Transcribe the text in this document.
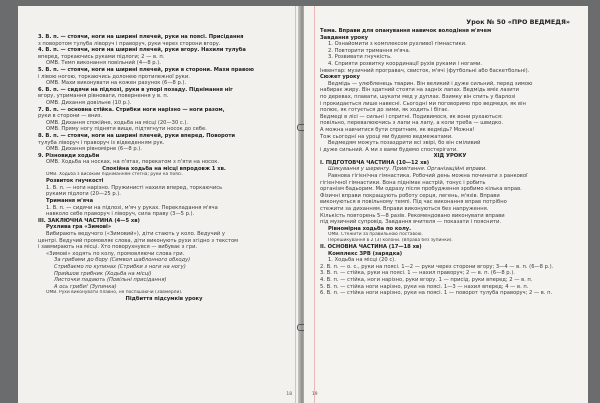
3. В. п. — стоячи, ноги на ширині плечей, руки на поясі. Присідання
з поворотом тулуба ліворуч і праворуч, руки через сторони вгору.
4. В. п. — стоячи, ноги на ширині плечей, руки вгору. Нахили тулуба
вперед, торкаючись руками підлоги; 2 — в. п.
ОМВ. Темп виконання повільний (4—8 р.).
5. В. п. — стоячи, ноги на ширині плечей, руки в сторони. Махи правою
і лівою ногою, торкаючись долонею протилежної руки.
ОМВ. Махи виконувати на кожен рахунок (6—8 р.).
6. В. п. — сидячи на підлозі, руки в упорі позаду. Піднімання ніг
вгору, утримання рівноваги, повернення у в. п.
ОМВ. Дихання довільне (10 р.).
7. В. п. — основна стійка. Стрибки ноги нарізно — ноги разом,
руки в сторони — вниз.
ОМВ. Дихання спокійне, ходьба на місці (20—30 с.).
ОМВ. Пряму ногу підняти вище, підтягнути носок до себе.
8. В. п. — стоячи, ноги на ширині плечей, руки вперед. Повороти
тулуба ліворуч і праворуч із відведенням рук.
ОМВ. Дихання рівномірне (6—8 р.).
9. Різновиди ходьби
ОМВ. Ходьба на носках, на п'ятах, перекатом з п'яти на носок.
Спокійна ходьба на місці впродовж 1 хв.
ОМВ. Ходьба з високим підніманням стегна; руки на поясі.
Розвиток гнучкості
1. В. п. — ноги нарізно. Пружинисті нахили вперед, торкаючись
руками підлоги (20—25 р.).
Тримання м'яча
1. В. п. — сидячи на підлозі, м'яч у руках. Перекладання м'яча
навколо себе праворуч і ліворуч, сила праву (3—5 р.).
III. ЗАКЛЮЧНА ЧАСТИНА (4—5 хв)
Рухлива гра «Зимові»
Вибирають ведучого («Зимовий»), діти стають у коло. Ведучий у
центрі. Ведучий промовляє слова, діти виконують рухи згідно з текстом
і завмирають на місці. Хто поворухнувся — вибуває з гри.
«Зимові» ходять по колу, промовляючи слова гри.
За грибами до бору (Символ шаблонного обходу)
Стрибаємо по купинах (Стрибки з ноги на ногу)
Прийшов грибник (Ходьба на місці)
Листочки падають (Повільні присідання)
А ось гриби! (Зупинка)
ОМВ. Рухи виконувати плавно, не поспішаючи (Завмерли).
Підбиття підсумків уроку
18
Урок № 50 «ПРО ВЕДМЕДЯ»
Тема. Вправи для опанування навичок володіння м'ячем
Завдання уроку
1. Ознайомити з комплексом рухливої гімнастики.
2. Повторити тримання м'яча.
3. Розвивати гнучкість.
4. Сприяти розвитку координації рухів руками і ногами.
Інвентар: музичний програвач, свисток, м'ячі (футбольні або баскетбольні).
Сюжет уроку
Ведмідь — улюбленець тварин. Він великий і дуже сильний, перед зимою
набирає жиру. Він здатний стояти на задніх лапах. Ведмідь вміє лазити
по деревах, плавати, шукати мед у дуплах. Взимку він спить у барлозі
і прокидається лише навесні. Сьогодні ми поговоримо про ведмедя, як він
полює, як готується до зими, як ходить і бігає.
Ведмеді в лісі — сильні і спритні. Подивимося, як вони рухаються:
повільно, перевалюючись з лапи на лапу, а коли треба — швидко.
А можна навчитися бути спритним, як ведмідь? Можна!
Тож сьогодні на уроці ми будемо ведмежатами.
Ведмедям можуть позаздрити всі звірі, бо він сміливий
і дуже сильний. А ми з вами будемо спостерігати.
ХІД УРОКУ
I. ПІДГОТОВЧА ЧАСТИНА (10—12 хв)
Шикування у шеренгу. Привітання. Організаційні вправи.
Равнова гігієнічна гімнастика. Робочий день можна починати з ранкової
гігієнічної гімнастики. Вона піднімає настрій, тонус і робить
організм бадьорим. Ми одразу після пробудження зробимо кілька вправ.
Фізичні вправи покращують роботу серця, легень, м'язів. Вправи
виконуються в повільному темпі. Під час виконання вправ потрібно
стежити за диханням. Вправи виконуються без напруження.
Кількість повторень 5—8 разів. Рекомендовано виконувати вправи
під музичний супровід. Завдання вчителя — показати і пояснити.
Рівномірна ходьба по колу.
ОМВ. Стежити за правильною поставою.
Перешикування в 2 (3) колони. (Вправа без зупинки).
II. ОСНОВНА ЧАСТИНА (17—18 хв)
Комплекс ЗРВ (зарядка)
1. Ходьба на місці (20 с).
2. В. п. — о. с., руки на поясі. 1—2 — руки через сторони вгору; 3—4 — в. п. (6—8 р.).
3. В. п. — стійка, руки на поясі. 1 — нахил праворуч; 2 — в. п. (6—8 р.).
4. В. п. — стійка, ноги нарізно, руки вгору. 1 — присід, руки вперед; 2 — в. п.
5. В. п. — стійка ноги нарізно, руки на поясі. 1—3 — нахил вперед; 4 — в. п.
6. В. п. — стійка ноги нарізно, руки на поясі. 1 — поворот тулуба праворуч; 2 — в. п.
19
